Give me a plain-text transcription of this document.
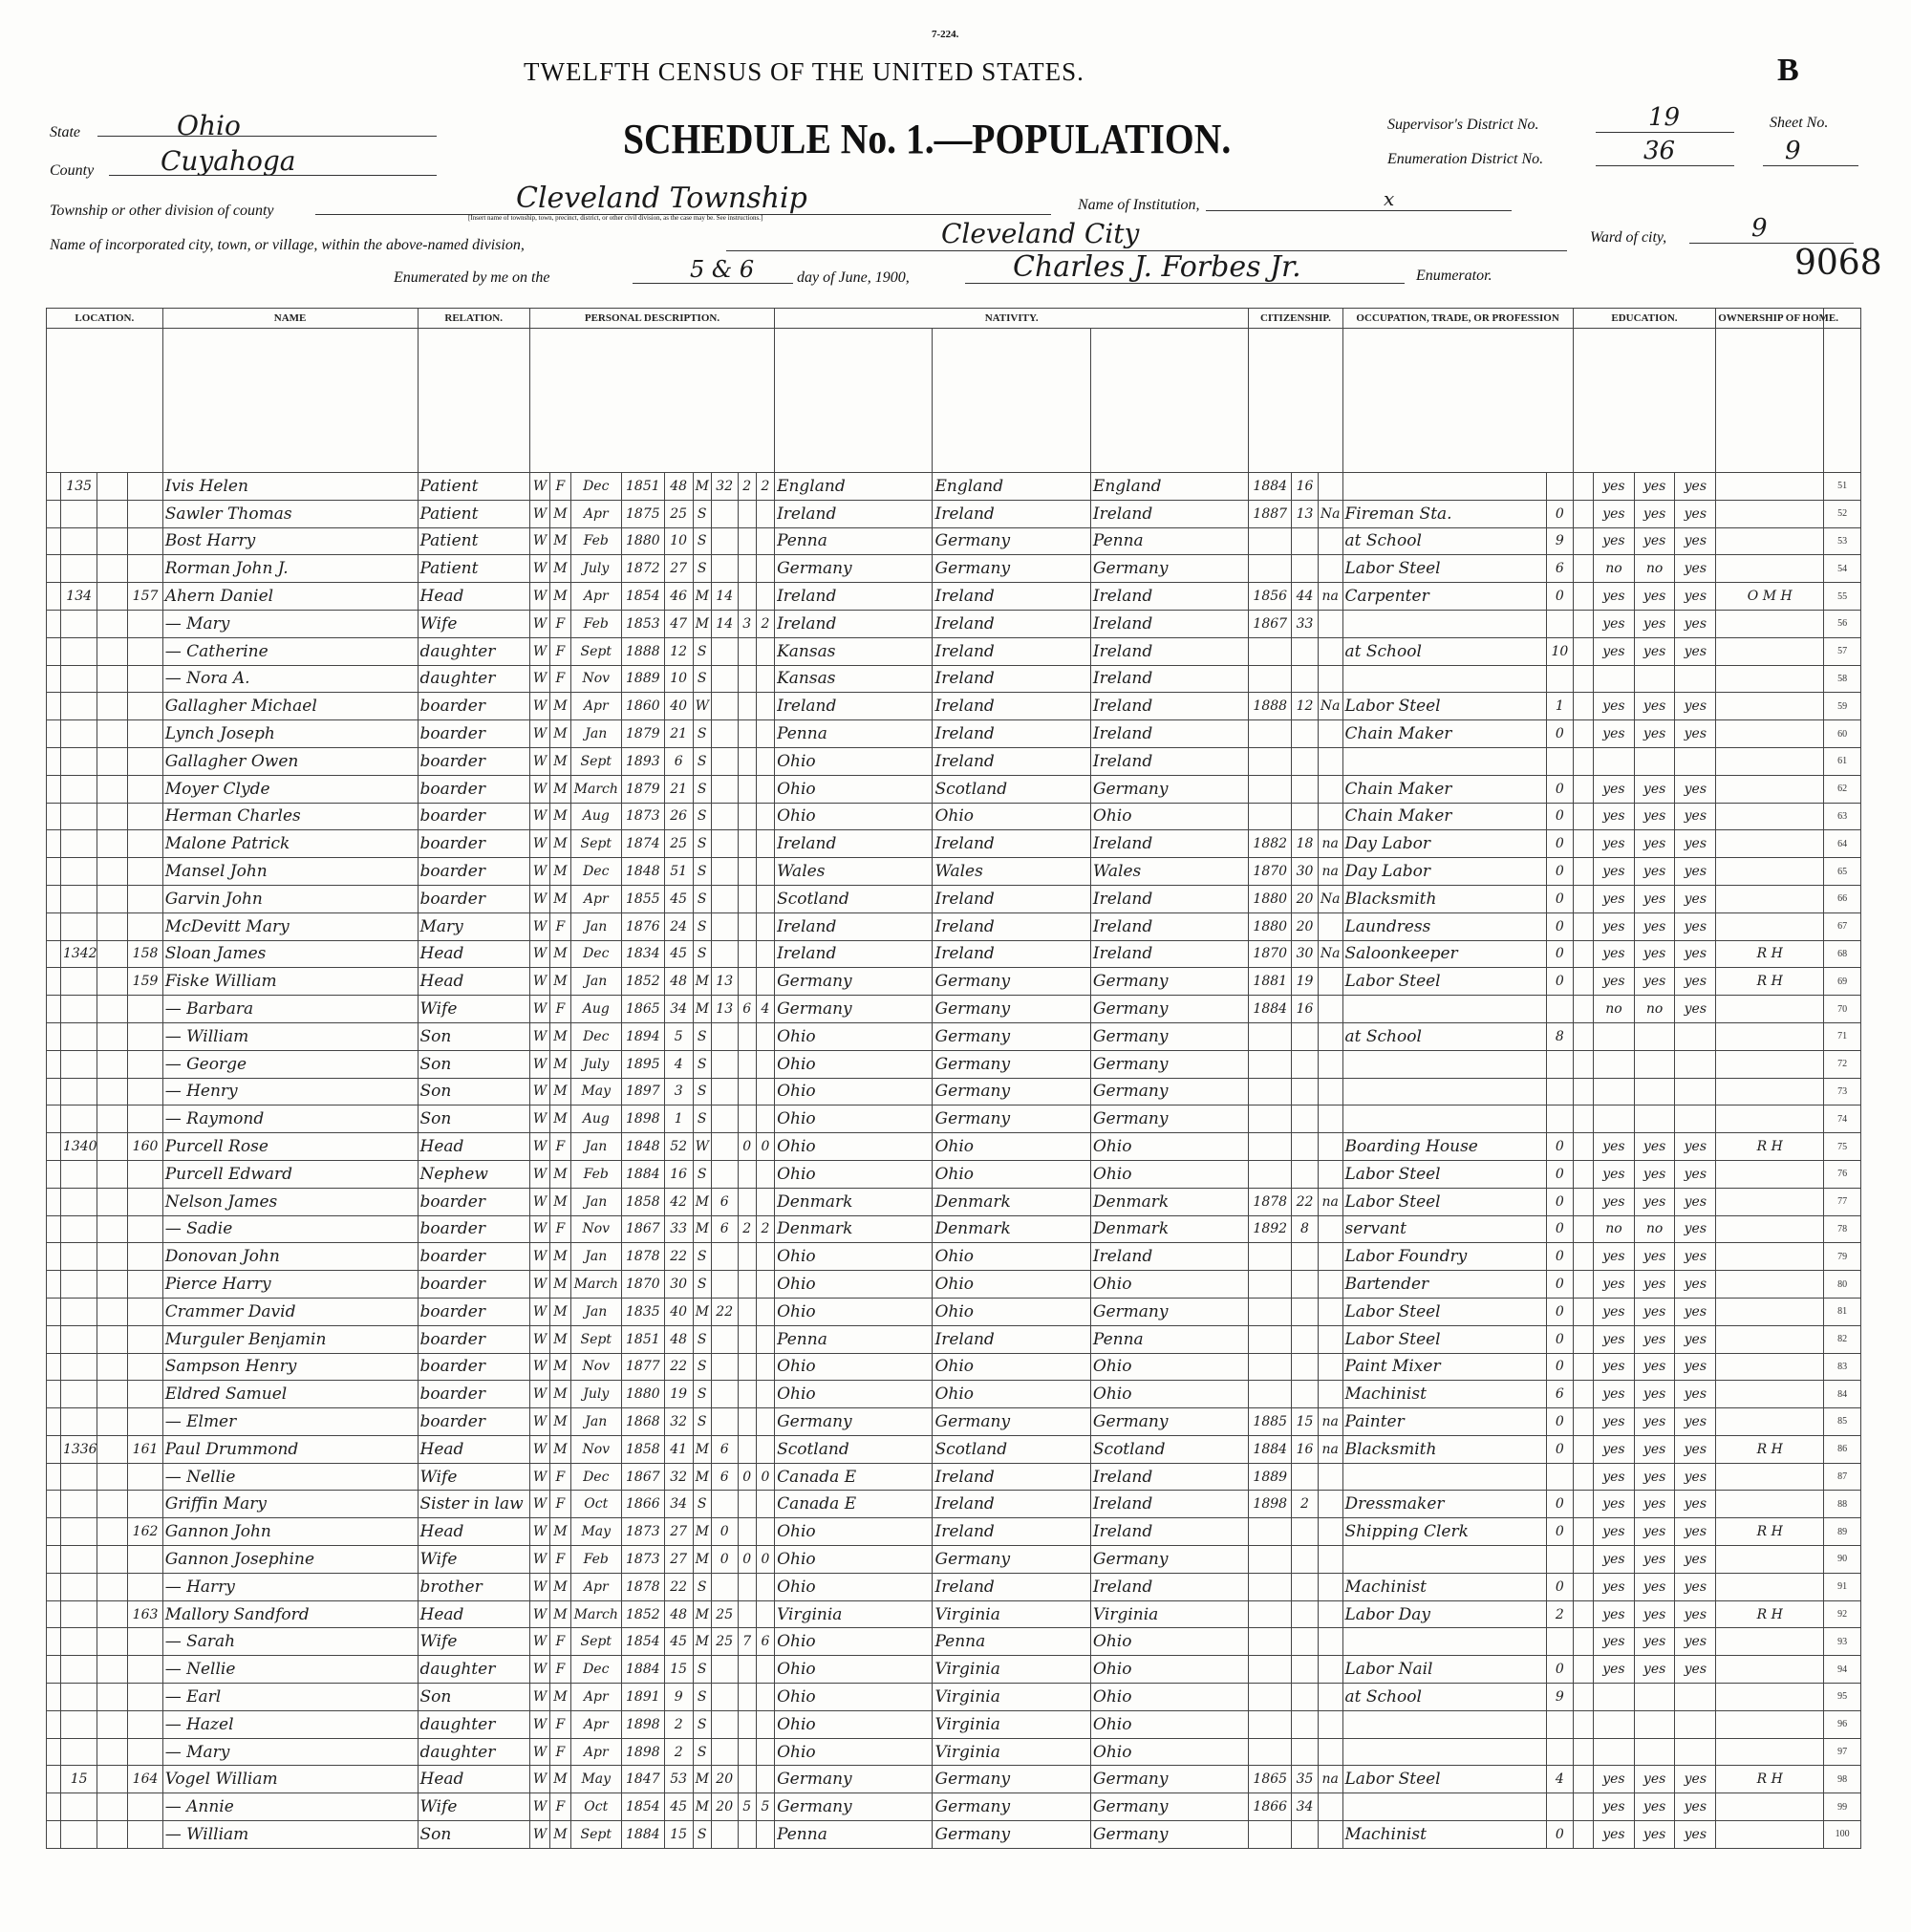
7-224.
TWELFTH CENSUS OF THE UNITED STATES.	B
SCHEDULE No. 1.—POPULATION.
State	Ohio
County Cuyahoga
Supervisor's District No.	19	Sheet No.
Enumeration District No.	36	9
Township or other division of county	Cleveland Township
[Insert name of township, town, precinct, district, or other civil division, as the case may be. See instructions.]
Name of Institution,	x
Name of incorporated city, town, or village, within the above-named division,	Cleveland City	Ward of city,	9
Enumerated by me on the	5 & 6	day of June, 1900,	Charles J. Forbes Jr.	Enumerator.	9068
LOCATION.				NAME	RELATION.	PERSONAL DESCRIPTION.									NATIVITY.			CITIZENSHIP.			OCCUPATION, TRADE, OR PROFESSION		EDUCATION.				OWNERSHIP OF HOME.	

	135			Ivis Helen	Patient	W	F	Dec	1851	48	M	32	2	2	England	England	England	1884	16					yes	yes	yes		51
				Sawler Thomas	Patient	W	M	Apr	1875	25	S				Ireland	Ireland	Ireland	1887	13	Na	Fireman Sta.	0		yes	yes	yes		52
				Bost Harry	Patient	W	M	Feb	1880	10	S				Penna	Germany	Penna				at School	9		yes	yes	yes		53
				Rorman John J.	Patient	W	M	July	1872	27	S				Germany	Germany	Germany				Labor Steel	6		no	no	yes		54
	134		157	Ahern Daniel	Head	W	M	Apr	1854	46	M	14			Ireland	Ireland	Ireland	1856	44	na	Carpenter	0		yes	yes	yes	O M H	55
				— Mary	Wife	W	F	Feb	1853	47	M	14	3	2	Ireland	Ireland	Ireland	1867	33					yes	yes	yes		56
				— Catherine	daughter	W	F	Sept	1888	12	S				Kansas	Ireland	Ireland				at School	10		yes	yes	yes		57
				— Nora A.	daughter	W	F	Nov	1889	10	S				Kansas	Ireland	Ireland											58
				Gallagher Michael	boarder	W	M	Apr	1860	40	W				Ireland	Ireland	Ireland	1888	12	Na	Labor Steel	1		yes	yes	yes		59
				Lynch Joseph	boarder	W	M	Jan	1879	21	S				Penna	Ireland	Ireland				Chain Maker	0		yes	yes	yes		60
				Gallagher Owen	boarder	W	M	Sept	1893	6	S				Ohio	Ireland	Ireland											61
				Moyer Clyde	boarder	W	M	March	1879	21	S				Ohio	Scotland	Germany				Chain Maker	0		yes	yes	yes		62
				Herman Charles	boarder	W	M	Aug	1873	26	S				Ohio	Ohio	Ohio				Chain Maker	0		yes	yes	yes		63
				Malone Patrick	boarder	W	M	Sept	1874	25	S				Ireland	Ireland	Ireland	1882	18	na	Day Labor	0		yes	yes	yes		64
				Mansel John	boarder	W	M	Dec	1848	51	S				Wales	Wales	Wales	1870	30	na	Day Labor	0		yes	yes	yes		65
				Garvin John	boarder	W	M	Apr	1855	45	S				Scotland	Ireland	Ireland	1880	20	Na	Blacksmith	0		yes	yes	yes		66
				McDevitt Mary	Mary	W	F	Jan	1876	24	S				Ireland	Ireland	Ireland	1880	20		Laundress	0		yes	yes	yes		67
	1342		158	Sloan James	Head	W	M	Dec	1834	45	S				Ireland	Ireland	Ireland	1870	30	Na	Saloonkeeper	0		yes	yes	yes	R H	68
			159	Fiske William	Head	W	M	Jan	1852	48	M	13			Germany	Germany	Germany	1881	19		Labor Steel	0		yes	yes	yes	R H	69
				— Barbara	Wife	W	F	Aug	1865	34	M	13	6	4	Germany	Germany	Germany	1884	16					no	no	yes		70
				— William	Son	W	M	Dec	1894	5	S				Ohio	Germany	Germany				at School	8						71
				— George	Son	W	M	July	1895	4	S				Ohio	Germany	Germany											72
				— Henry	Son	W	M	May	1897	3	S				Ohio	Germany	Germany											73
				— Raymond	Son	W	M	Aug	1898	1	S				Ohio	Germany	Germany											74
	1340		160	Purcell Rose	Head	W	F	Jan	1848	52	W		0	0	Ohio	Ohio	Ohio				Boarding House	0		yes	yes	yes	R H	75
				Purcell Edward	Nephew	W	M	Feb	1884	16	S				Ohio	Ohio	Ohio				Labor Steel	0		yes	yes	yes		76
				Nelson James	boarder	W	M	Jan	1858	42	M	6			Denmark	Denmark	Denmark	1878	22	na	Labor Steel	0		yes	yes	yes		77
				— Sadie	boarder	W	F	Nov	1867	33	M	6	2	2	Denmark	Denmark	Denmark	1892	8		servant	0		no	no	yes		78
				Donovan John	boarder	W	M	Jan	1878	22	S				Ohio	Ohio	Ireland				Labor Foundry	0		yes	yes	yes		79
				Pierce Harry	boarder	W	M	March	1870	30	S				Ohio	Ohio	Ohio				Bartender	0		yes	yes	yes		80
				Crammer David	boarder	W	M	Jan	1835	40	M	22			Ohio	Ohio	Germany				Labor Steel	0		yes	yes	yes		81
				Murguler Benjamin	boarder	W	M	Sept	1851	48	S				Penna	Ireland	Penna				Labor Steel	0		yes	yes	yes		82
				Sampson Henry	boarder	W	M	Nov	1877	22	S				Ohio	Ohio	Ohio				Paint Mixer	0		yes	yes	yes		83
				Eldred Samuel	boarder	W	M	July	1880	19	S				Ohio	Ohio	Ohio				Machinist	6		yes	yes	yes		84
				— Elmer	boarder	W	M	Jan	1868	32	S				Germany	Germany	Germany	1885	15	na	Painter	0		yes	yes	yes		85
	1336		161	Paul Drummond	Head	W	M	Nov	1858	41	M	6			Scotland	Scotland	Scotland	1884	16	na	Blacksmith	0		yes	yes	yes	R H	86
				— Nellie	Wife	W	F	Dec	1867	32	M	6	0	0	Canada E	Ireland	Ireland	1889						yes	yes	yes		87
				Griffin Mary	Sister in law	W	F	Oct	1866	34	S				Canada E	Ireland	Ireland	1898	2		Dressmaker	0		yes	yes	yes		88
			162	Gannon John	Head	W	M	May	1873	27	M	0			Ohio	Ireland	Ireland				Shipping Clerk	0		yes	yes	yes	R H	89
				Gannon Josephine	Wife	W	F	Feb	1873	27	M	0	0	0	Ohio	Germany	Germany							yes	yes	yes		90
				— Harry	brother	W	M	Apr	1878	22	S				Ohio	Ireland	Ireland				Machinist	0		yes	yes	yes		91
			163	Mallory Sandford	Head	W	M	March	1852	48	M	25			Virginia	Virginia	Virginia				Labor Day	2		yes	yes	yes	R H	92
				— Sarah	Wife	W	F	Sept	1854	45	M	25	7	6	Ohio	Penna	Ohio							yes	yes	yes		93
				— Nellie	daughter	W	F	Dec	1884	15	S				Ohio	Virginia	Ohio				Labor Nail	0		yes	yes	yes		94
				— Earl	Son	W	M	Apr	1891	9	S				Ohio	Virginia	Ohio				at School	9						95
				— Hazel	daughter	W	F	Apr	1898	2	S				Ohio	Virginia	Ohio											96
				— Mary	daughter	W	F	Apr	1898	2	S				Ohio	Virginia	Ohio											97
	15		164	Vogel William	Head	W	M	May	1847	53	M	20			Germany	Germany	Germany	1865	35	na	Labor Steel	4		yes	yes	yes	R H	98
				— Annie	Wife	W	F	Oct	1854	45	M	20	5	5	Germany	Germany	Germany	1866	34					yes	yes	yes		99
				— William	Son	W	M	Sept	1884	15	S				Penna	Germany	Germany				Machinist	0		yes	yes	yes		100
